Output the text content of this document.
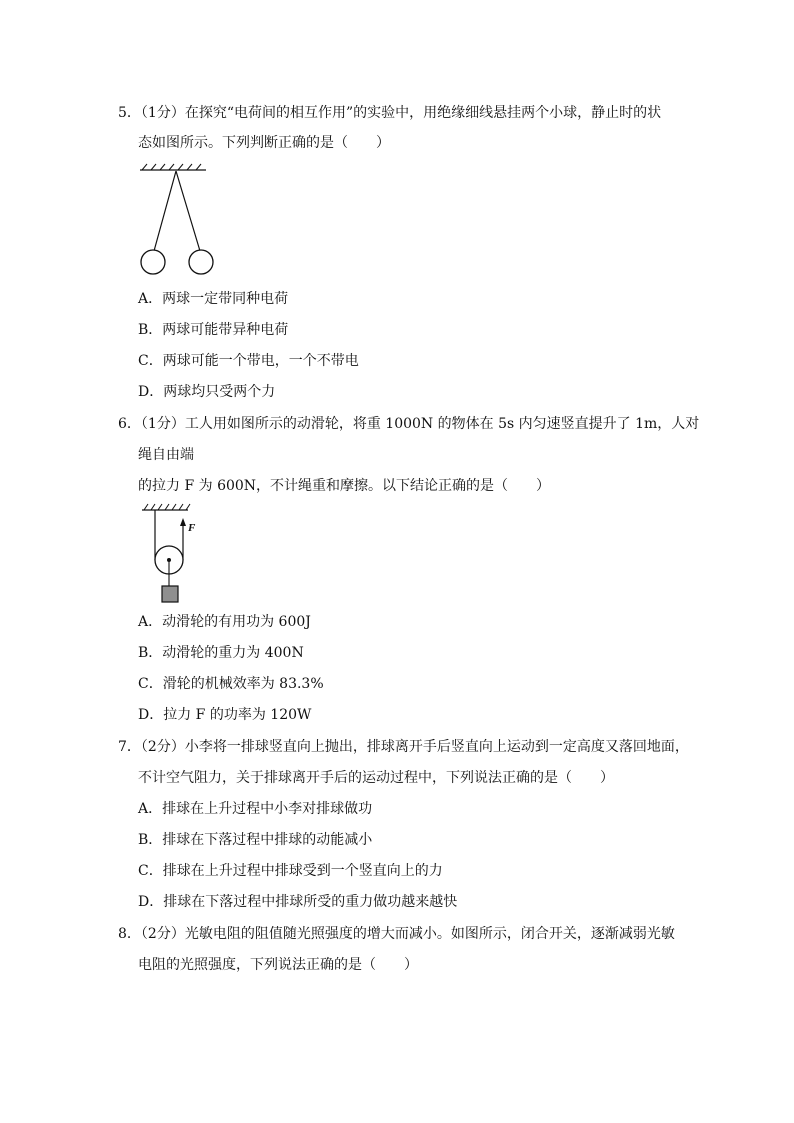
5．（1分）在探究“电荷间的相互作用”的实验中，用绝缘细线悬挂两个小球，静止时的状
态如图所示。下列判断正确的是（　　）
A．两球一定带同种电荷
B．两球可能带异种电荷
C．两球可能一个带电，一个不带电
D．两球均只受两个力
6．（1分）工人用如图所示的动滑轮，将重 1000N 的物体在 5s 内匀速竖直提升了 1m，人对
绳自由端
的拉力 F 为 600N，不计绳重和摩擦。以下结论正确的是（　　）
F
A．动滑轮的有用功为 600J
B．动滑轮的重力为 400N
C．滑轮的机械效率为 83.3%
D．拉力 F 的功率为 120W
7．（2分）小李将一排球竖直向上抛出，排球离开手后竖直向上运动到一定高度又落回地面，
不计空气阻力，关于排球离开手后的运动过程中，下列说法正确的是（　　）
A．排球在上升过程中小李对排球做功
B．排球在下落过程中排球的动能减小
C．排球在上升过程中排球受到一个竖直向上的力
D．排球在下落过程中排球所受的重力做功越来越快
8．（2分）光敏电阻的阻值随光照强度的增大而减小。如图所示，闭合开关，逐渐减弱光敏
电阻的光照强度，下列说法正确的是（　　）
